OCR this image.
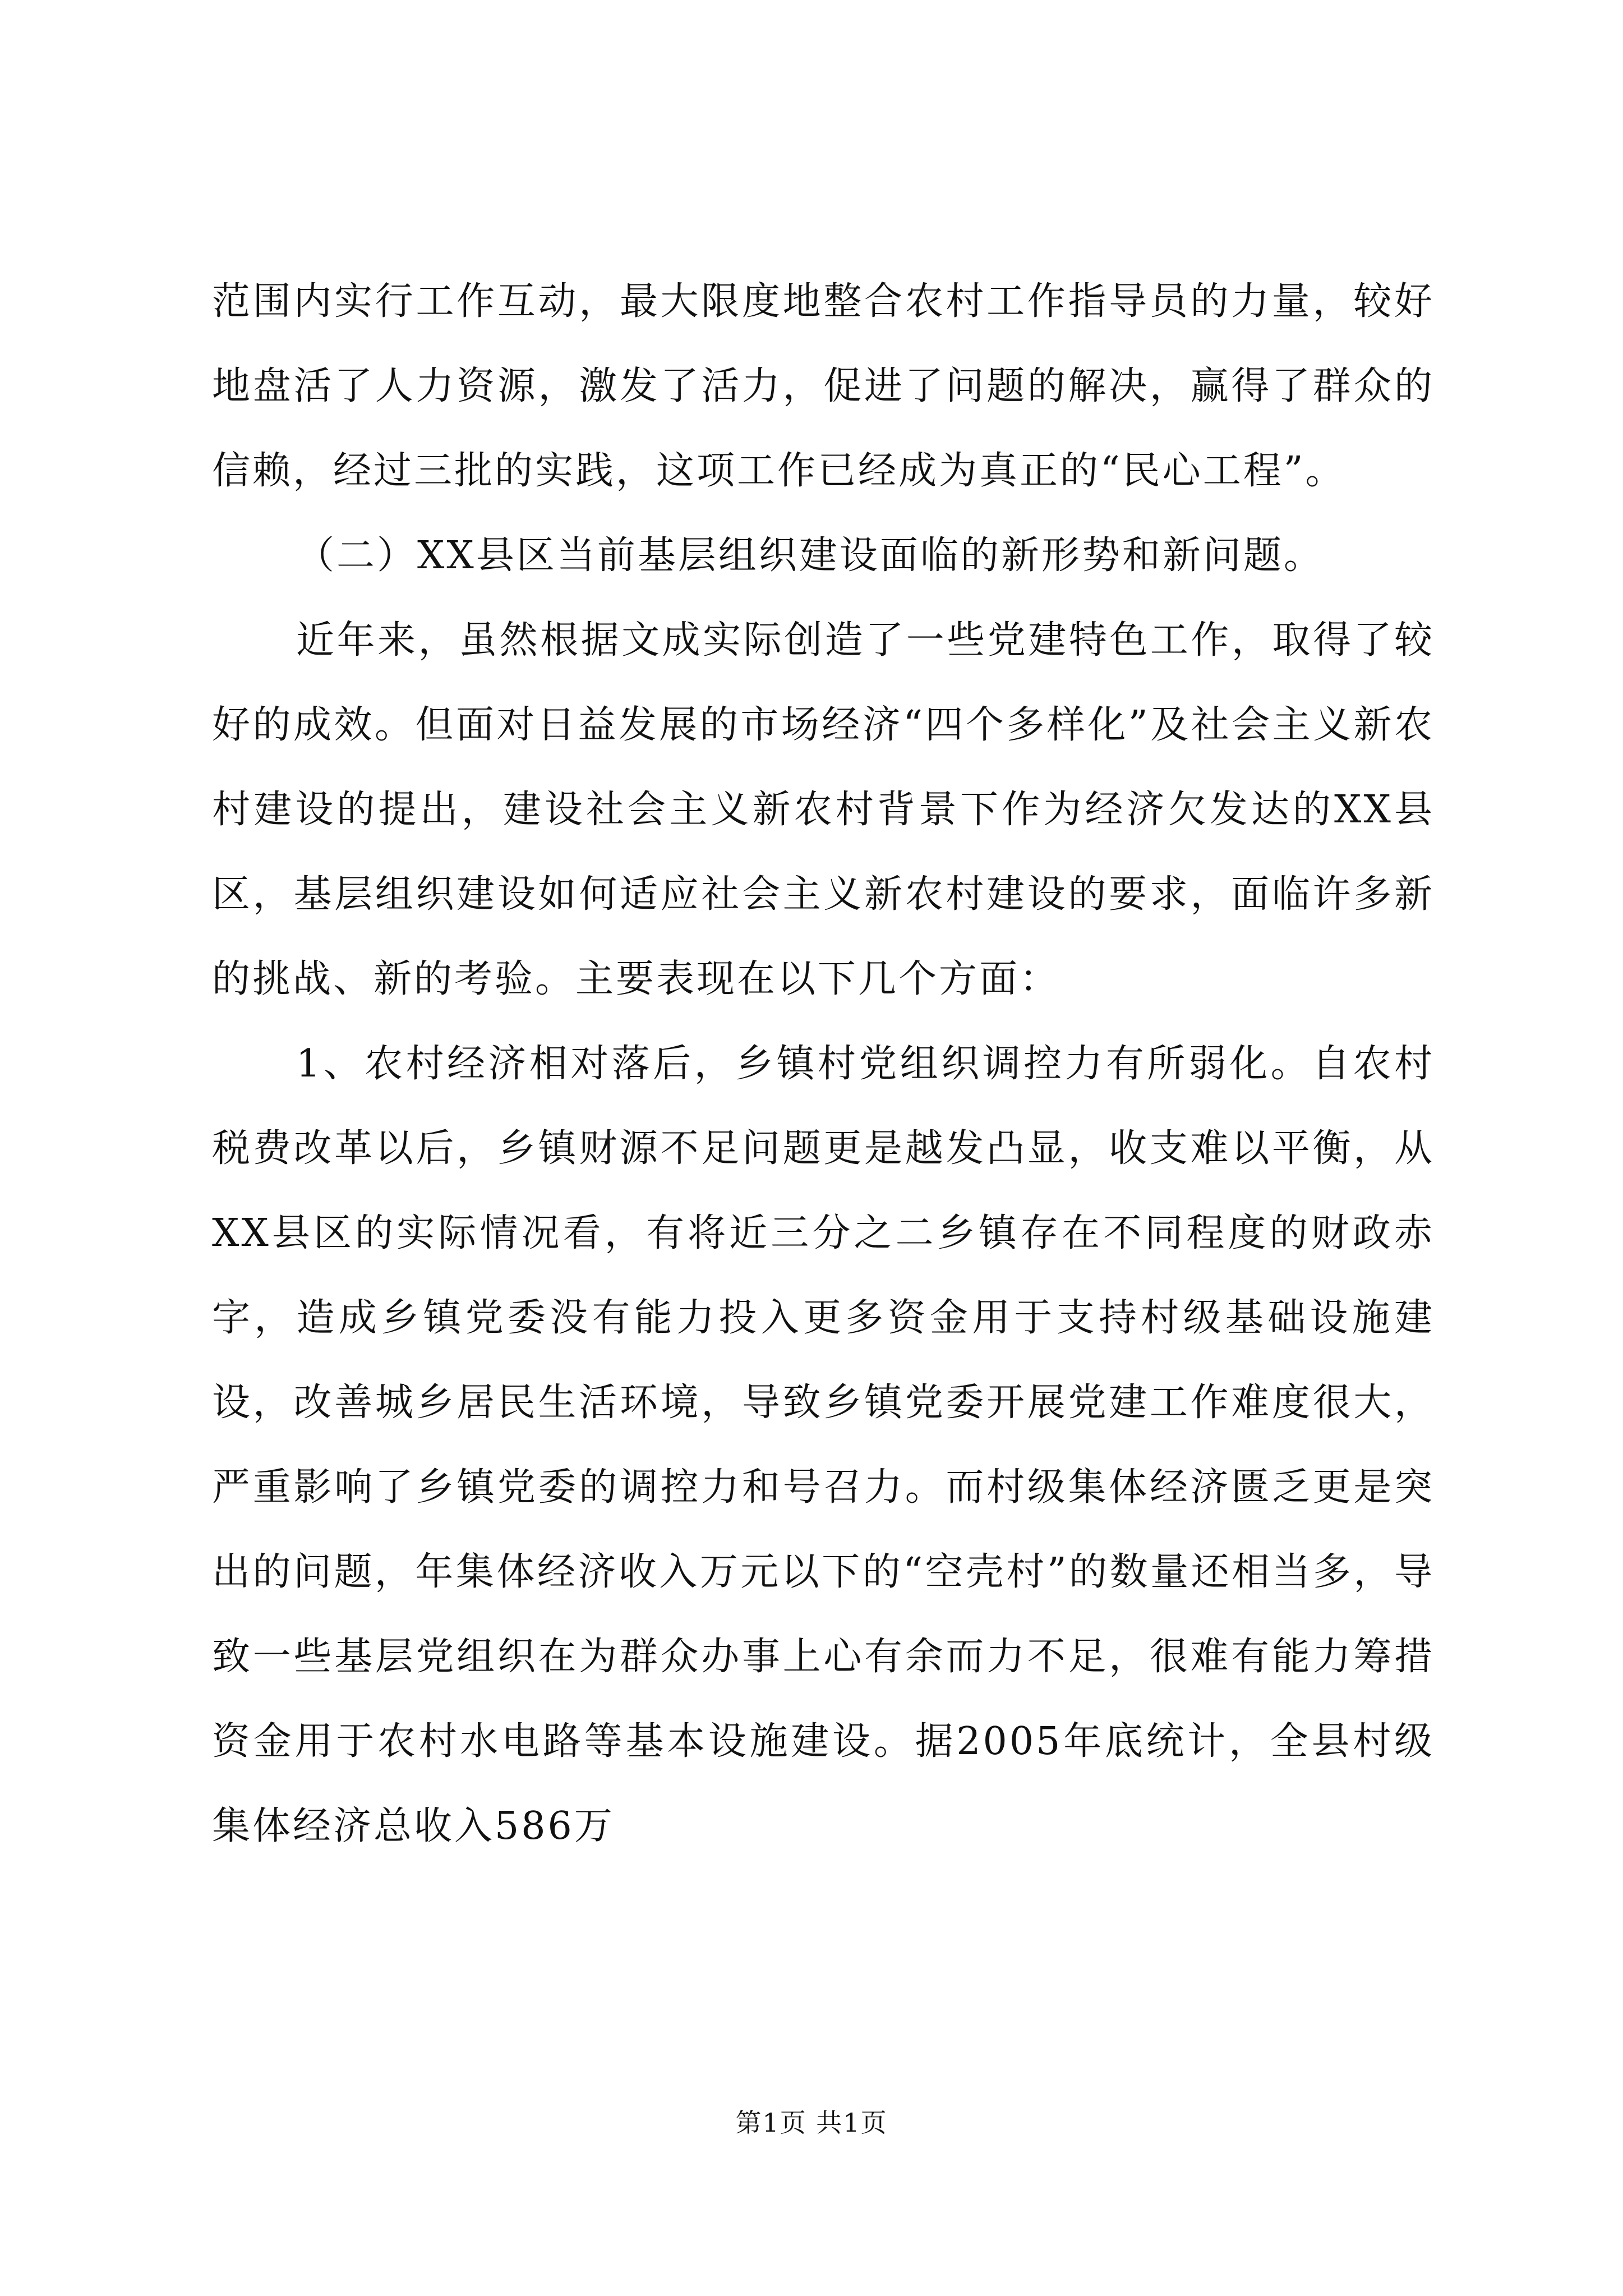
范围内实行工作互动，最大限度地整合农村工作指导员的力量，较好地盘活了人力资源，激发了活力，促进了问题的解决，赢得了群众的信赖，经过三批的实践，这项工作已经成为真正的“民心工程”。

（二）XX县区当前基层组织建设面临的新形势和新问题。

近年来，虽然根据文成实际创造了一些党建特色工作，取得了较好的成效。但面对日益发展的市场经济“四个多样化”及社会主义新农村建设的提出，建设社会主义新农村背景下作为经济欠发达的XX县区，基层组织建设如何适应社会主义新农村建设的要求，面临许多新的挑战、新的考验。主要表现在以下几个方面：

1、农村经济相对落后，乡镇村党组织调控力有所弱化。自农村税费改革以后，乡镇财源不足问题更是越发凸显，收支难以平衡，从XX县区的实际情况看，有将近三分之二乡镇存在不同程度的财政赤字，造成乡镇党委没有能力投入更多资金用于支持村级基础设施建设，改善城乡居民生活环境，导致乡镇党委开展党建工作难度很大，严重影响了乡镇党委的调控力和号召力。而村级集体经济匮乏更是突出的问题，年集体经济收入万元以下的“空壳村”的数量还相当多，导致一些基层党组织在为群众办事上心有余而力不足，很难有能力筹措资金用于农村水电路等基本设施建设。据2005年底统计，全县村级集体经济总收入586万

第1页 共1页
